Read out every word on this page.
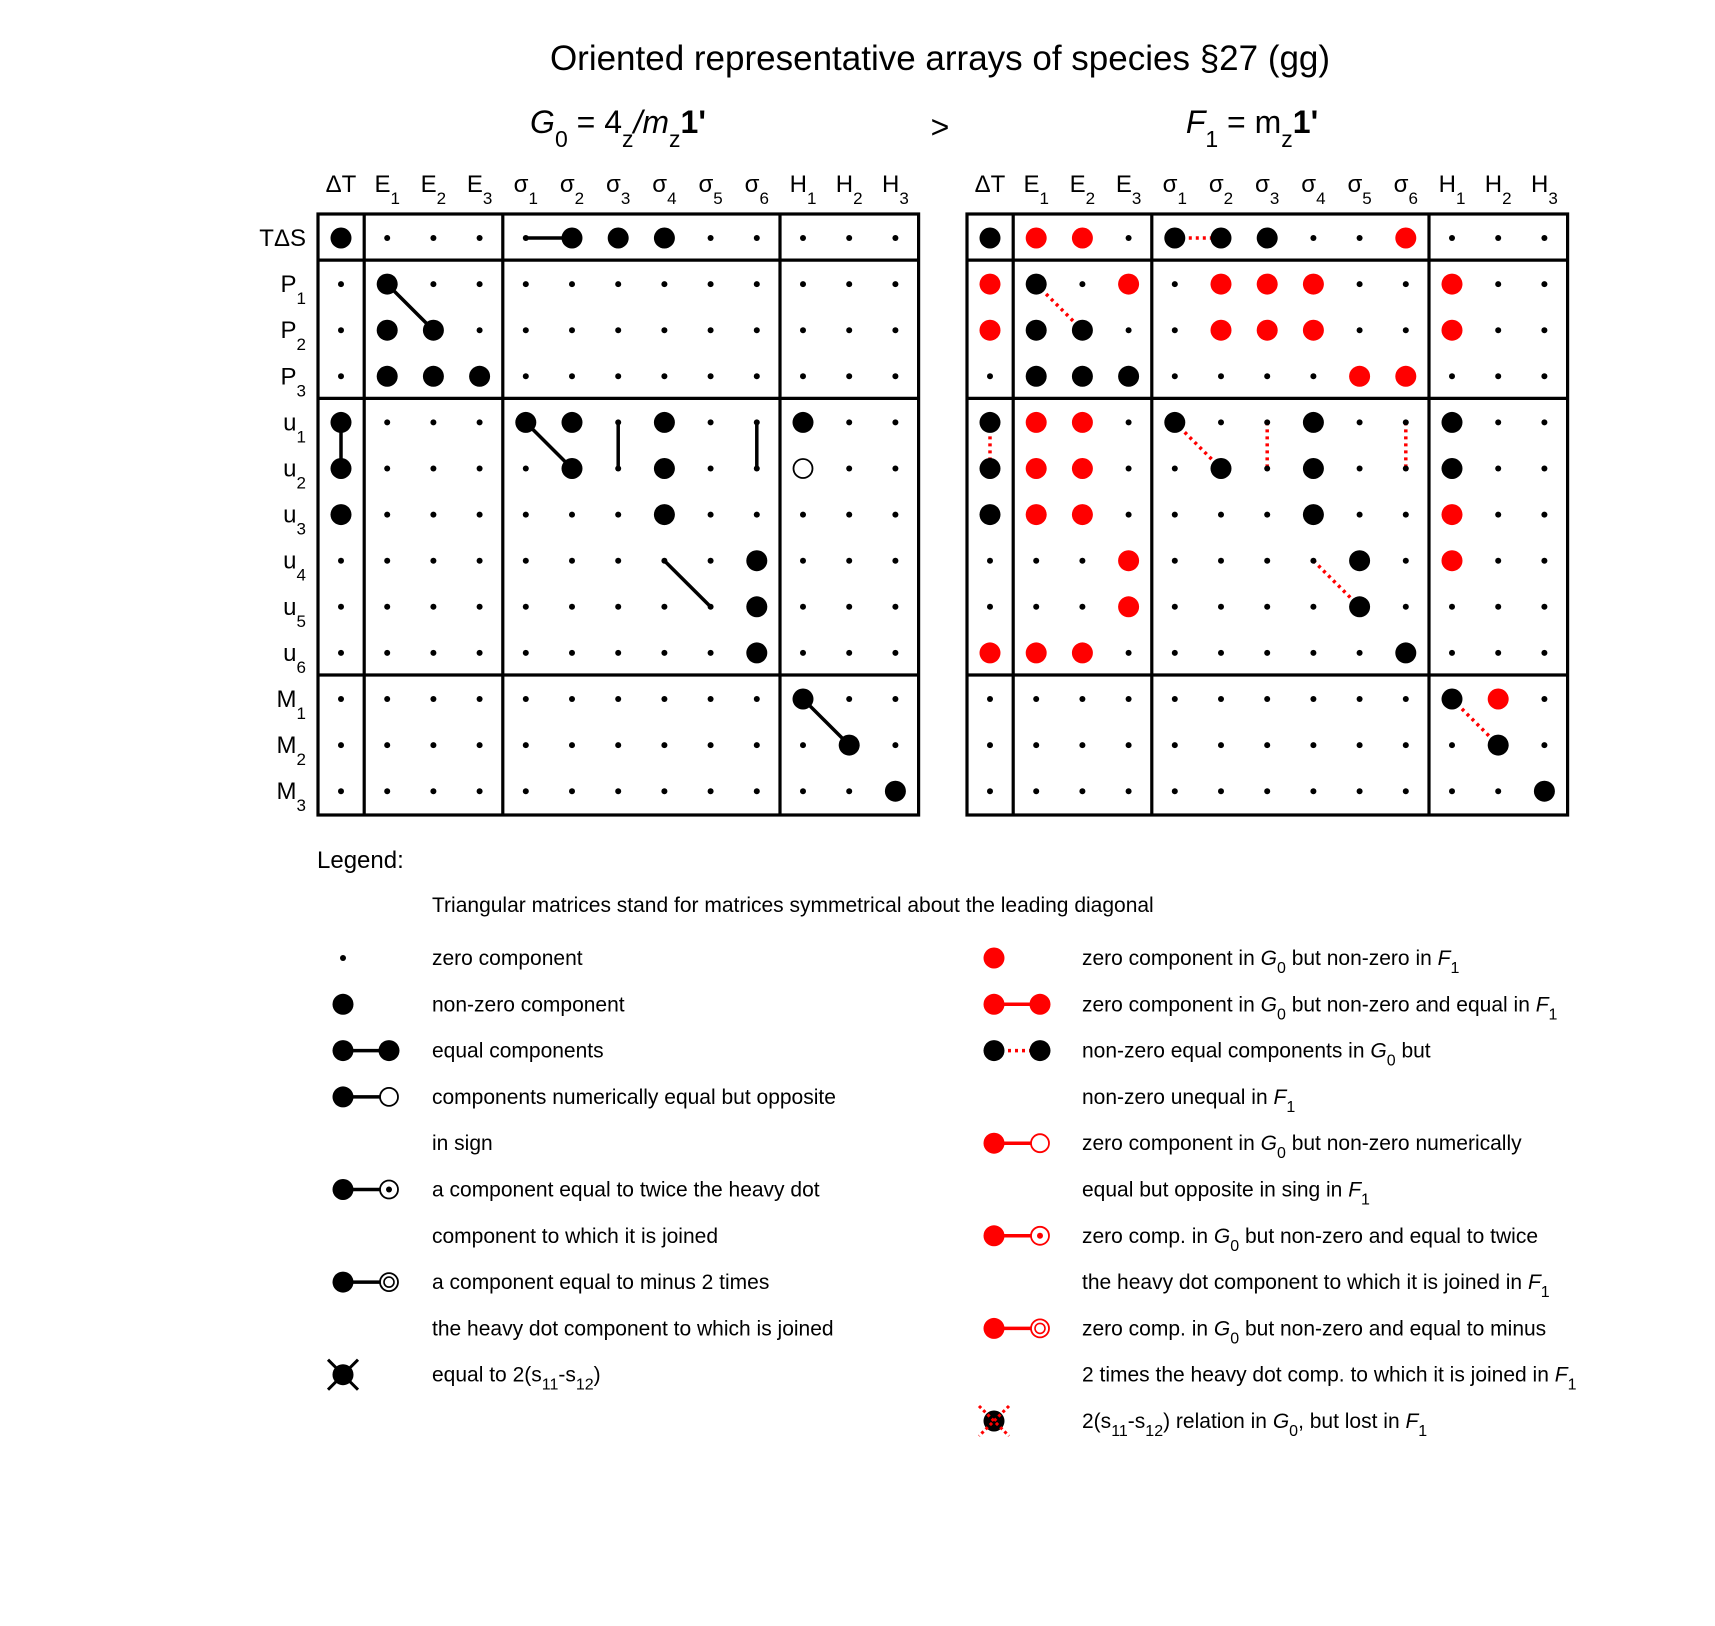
Oriented representative arrays of species §27 (gg)
$G_0 = 4_z/m_z1'$	>	$F_1 = m_z1'$
ΔT $E_1$
$E_2$
$E_3$
$\sigma_1$
$\sigma_2$
$\sigma_3$
$\sigma_4$
$\sigma_5$
$\sigma_6$
$H_1$
$H_2$
$H_3$
TΔS
$P_1$
$P_2$
$P_3$
$u_1$
$u_2$
$u_3$
$u_4$
$u_5$
$u_6$
$M_1$
$M_2$
$M_3$
ΔT $E_1$
$E_2$
$E_3$
$\sigma_1$
$\sigma_2$
$\sigma_3$
$\sigma_4$
$\sigma_5$
$\sigma_6$
$H_1$
$H_2$
$H_3$
Legend:
Triangular matrices stand for matrices symmetrical about the leading diagonal
zero component
non-zero component
equal components
components numerically equal but opposite
in sign
a component equal to twice the heavy dot
component to which it is joined
a component equal to minus 2 times
the heavy dot component to which is joined
equal to $2(s_{11}-s_{12})$
zero component in $G_0$ but non-zero in $F_1$
zero component in $G_0$ but non-zero and equal in $F_1$
non-zero equal components in $G_0$ but
non-zero unequal in $F_1$
zero component in $G_0$ but non-zero numerically
equal but opposite in sing in $F_1$
zero comp. in $G_0$ but non-zero and equal to twice
the heavy dot component to which it is joined in $F_1$
zero comp. in $G_0$ but non-zero and equal to minus
2 times the heavy dot comp. to which it is joined in $F_1$
$2(s_{11}-s_{12})$ relation in $G_0$, but lost in $F_1$
